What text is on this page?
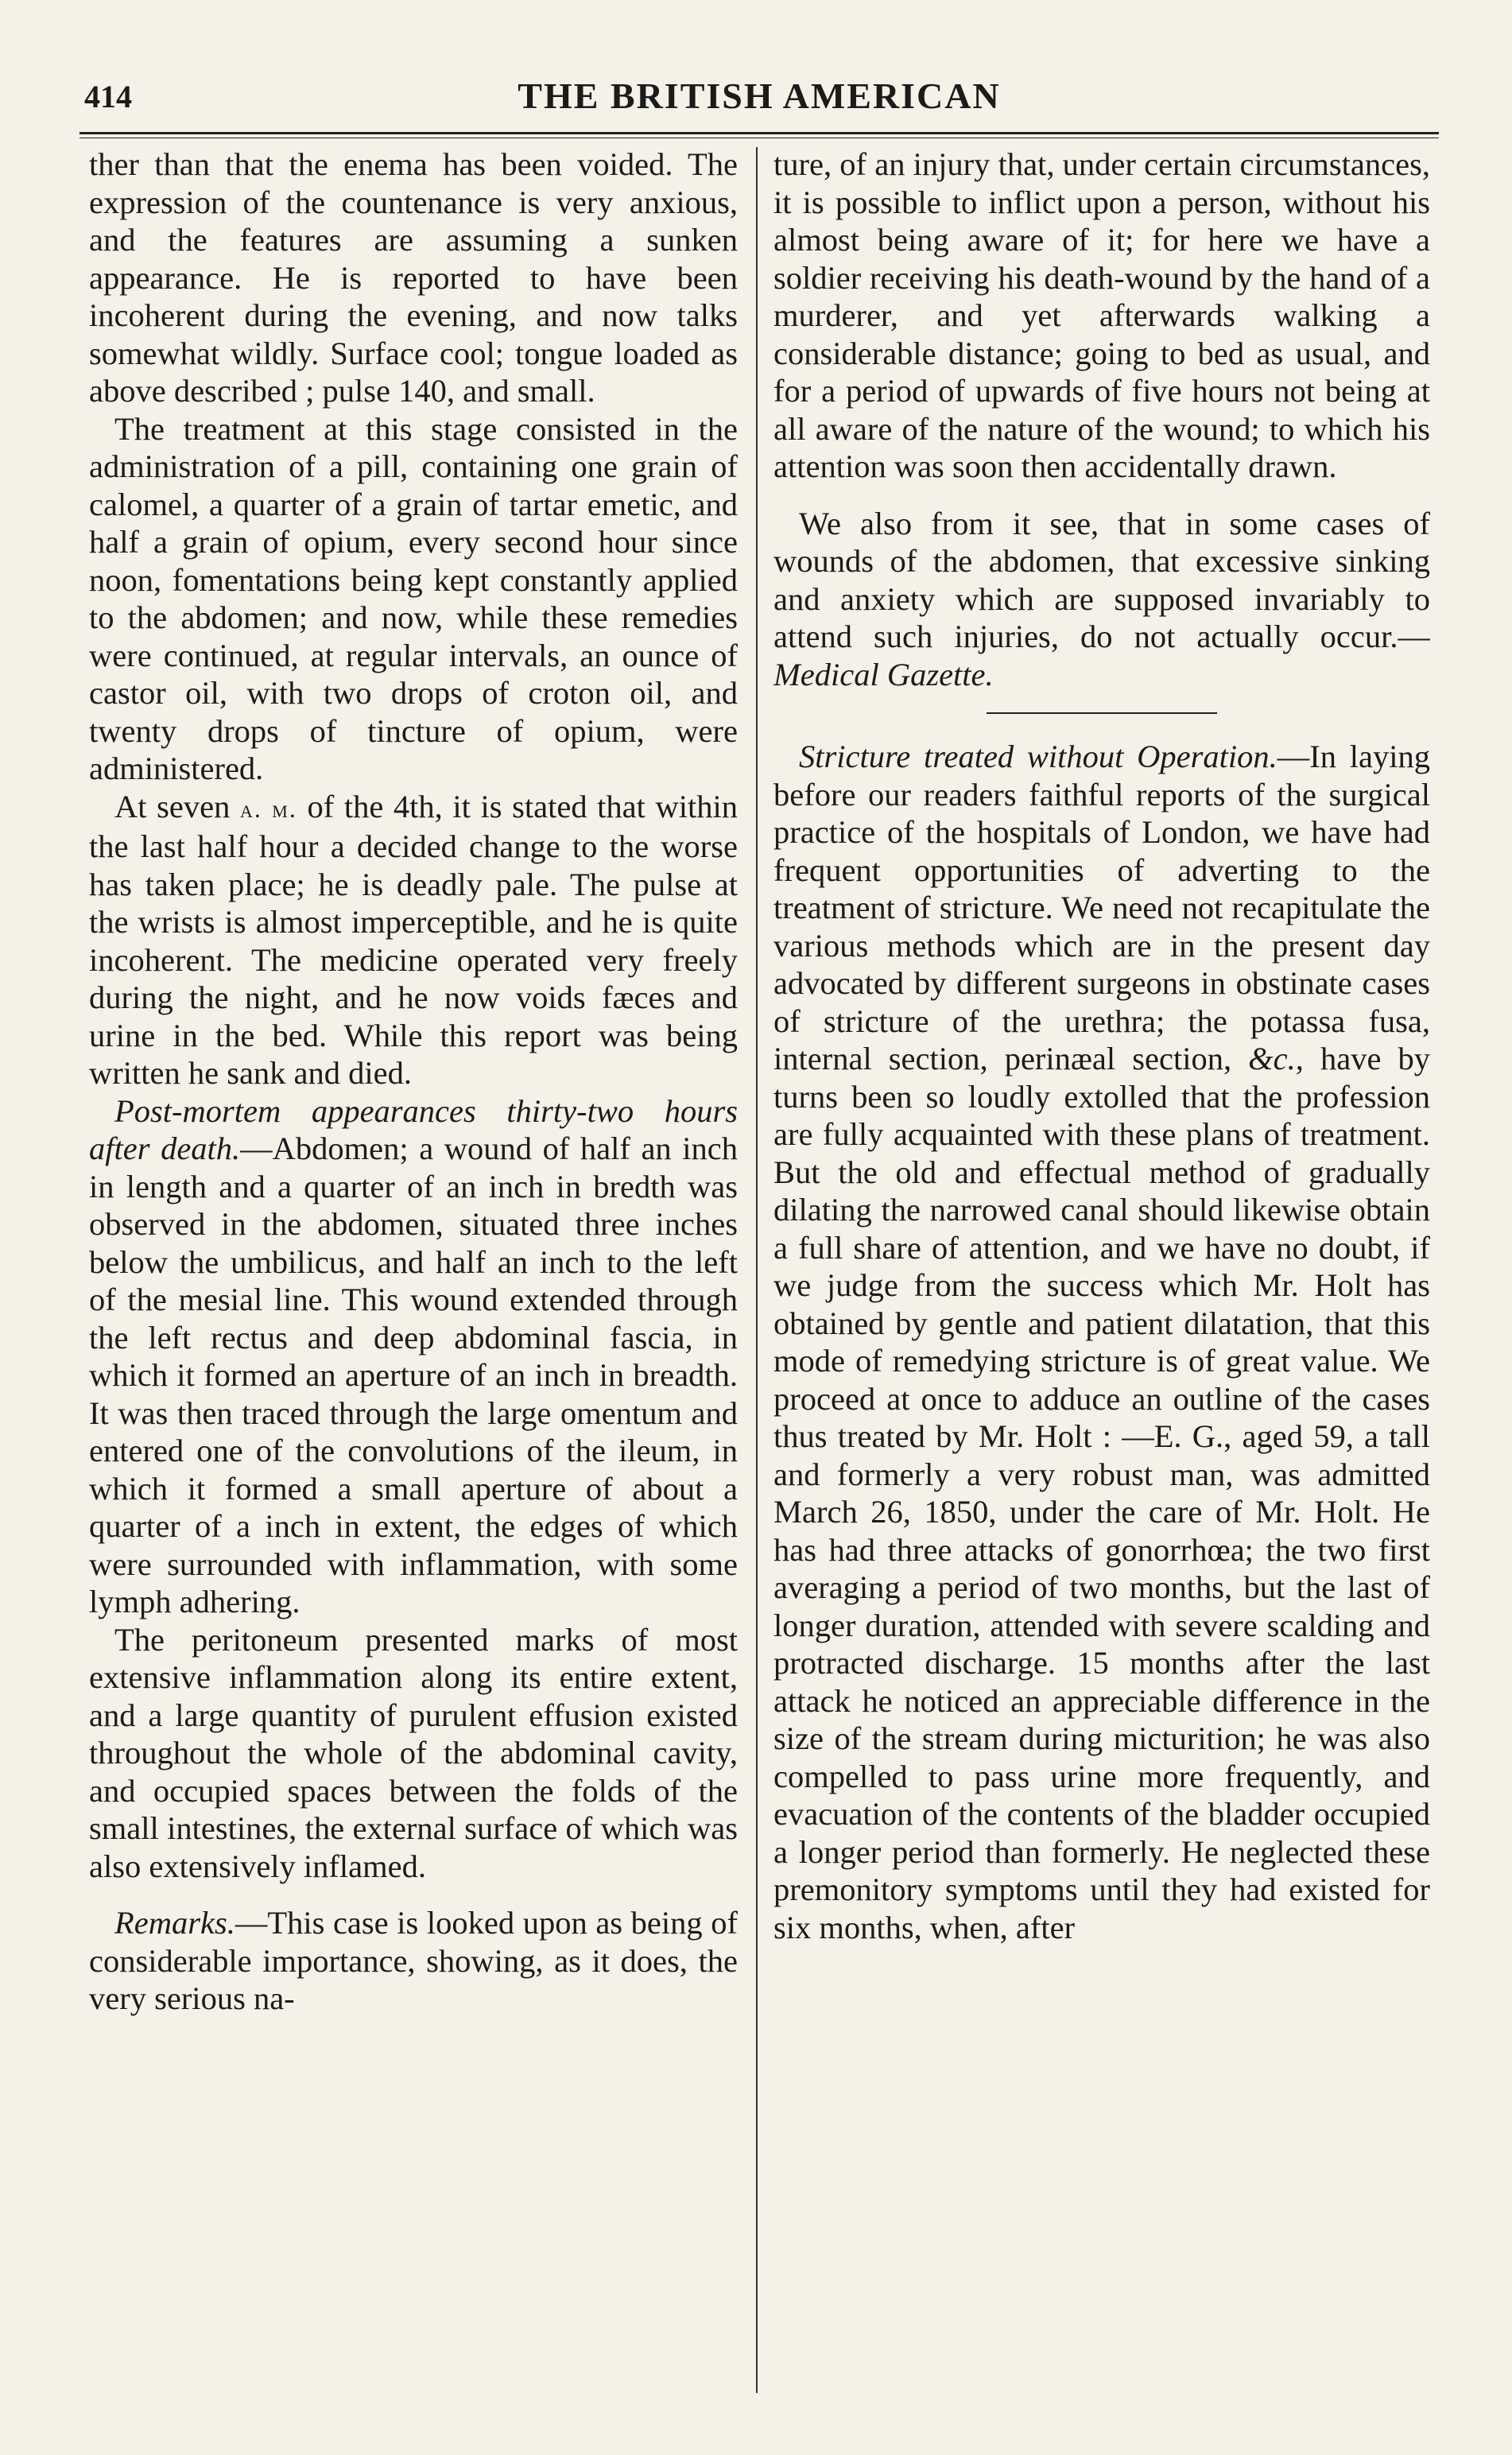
414	THE BRITISH AMERICAN

ther than that the enema has been voided. The expression of the countenance is very anxious, and the features are assuming a sunken appearance. He is reported to have been incoherent during the evening, and now talks somewhat wildly. Surface cool; tongue loaded as above described ; pulse 140, and small.

The treatment at this stage consisted in the administration of a pill, containing one grain of calomel, a quarter of a grain of tartar emetic, and half a grain of opium, every second hour since noon, fomentations being kept constantly applied to the abdomen; and now, while these remedies were continued, at regular intervals, an ounce of castor oil, with two drops of croton oil, and twenty drops of tincture of opium, were administered.

At seven a. m. of the 4th, it is stated that within the last half hour a decided change to the worse has taken place; he is deadly pale. The pulse at the wrists is almost imperceptible, and he is quite incoherent. The medicine operated very freely during the night, and he now voids fæces and urine in the bed. While this report was being written he sank and died.

Post-mortem appearances thirty-two hours after death.—Abdomen; a wound of half an inch in length and a quarter of an inch in bredth was observed in the abdomen, situated three inches below the umbilicus, and half an inch to the left of the mesial line. This wound extended through the left rectus and deep abdominal fascia, in which it formed an aperture of an inch in breadth. It was then traced through the large omentum and entered one of the convolutions of the ileum, in which it formed a small aperture of about a quarter of a inch in extent, the edges of which were surrounded with inflammation, with some lymph adhering.

The peritoneum presented marks of most extensive inflammation along its entire extent, and a large quantity of purulent effusion existed throughout the whole of the abdominal cavity, and occupied spaces between the folds of the small intestines, the external surface of which was also extensively inflamed.

Remarks.—This case is looked upon as being of considerable importance, showing, as it does, the very serious na-

ture, of an injury that, under certain circumstances, it is possible to inflict upon a person, without his almost being aware of it; for here we have a soldier receiving his death-wound by the hand of a murderer, and yet afterwards walking a considerable distance; going to bed as usual, and for a period of upwards of five hours not being at all aware of the nature of the wound; to which his attention was soon then accidentally drawn.

We also from it see, that in some cases of wounds of the abdomen, that excessive sinking and anxiety which are supposed invariably to attend such injuries, do not actually occur.—Medical Gazette.

Stricture treated without Operation.—In laying before our readers faithful reports of the surgical practice of the hospitals of London, we have had frequent opportunities of adverting to the treatment of stricture. We need not recapitulate the various methods which are in the present day advocated by different surgeons in obstinate cases of stricture of the urethra; the potassa fusa, internal section, perinæal section, &c., have by turns been so loudly extolled that the profession are fully acquainted with these plans of treatment. But the old and effectual method of gradually dilating the narrowed canal should likewise obtain a full share of attention, and we have no doubt, if we judge from the success which Mr. Holt has obtained by gentle and patient dilatation, that this mode of remedying stricture is of great value. We proceed at once to adduce an outline of the cases thus treated by Mr. Holt : —E. G., aged 59, a tall and formerly a very robust man, was admitted March 26, 1850, under the care of Mr. Holt. He has had three attacks of gonorrhœa; the two first averaging a period of two months, but the last of longer duration, attended with severe scalding and protracted discharge. 15 months after the last attack he noticed an appreciable difference in the size of the stream during micturition; he was also compelled to pass urine more frequently, and evacuation of the contents of the bladder occupied a longer period than formerly. He neglected these premonitory symptoms until they had existed for six months, when, after
